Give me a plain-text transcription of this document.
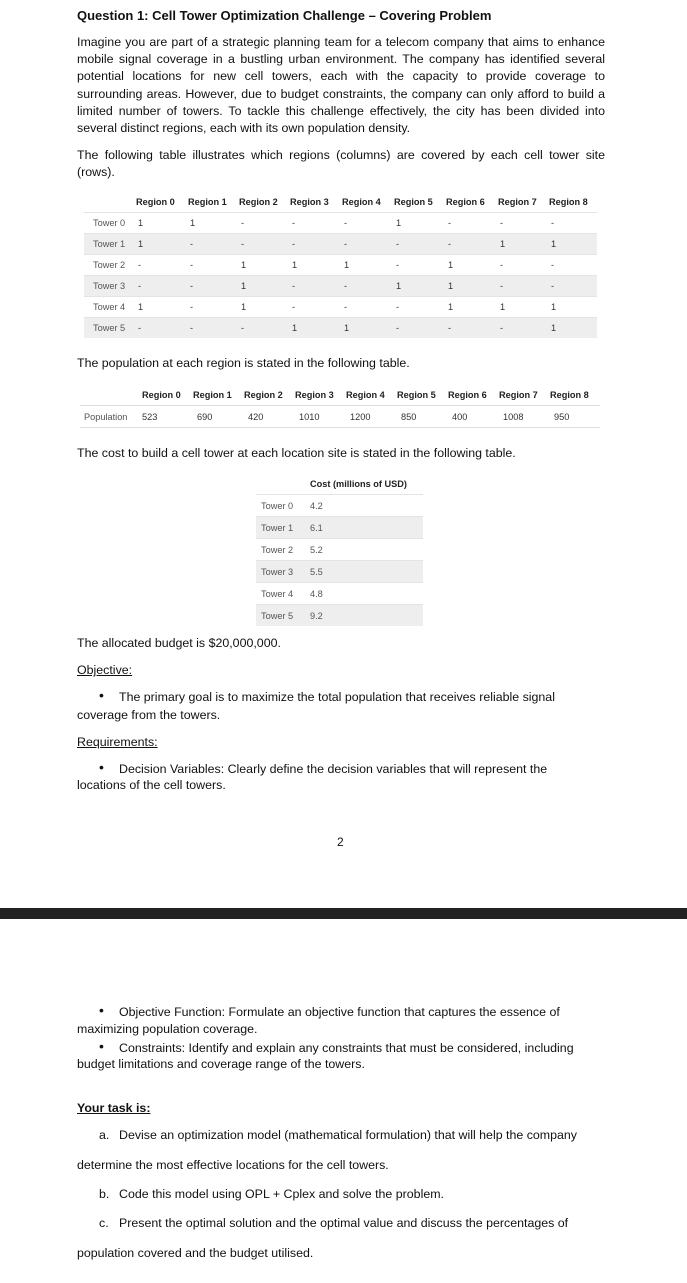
Question 1: Cell Tower Optimization Challenge – Covering Problem
Imagine you are part of a strategic planning team for a telecom company that aims to enhance mobile signal coverage in a bustling urban environment. The company has identified several potential locations for new cell towers, each with the capacity to provide coverage to surrounding areas. However, due to budget constraints, the company can only afford to build a limited number of towers. To tackle this challenge effectively, the city has been divided into several distinct regions, each with its own population density.
The following table illustrates which regions (columns) are covered by each cell tower site (rows).
	Region 0	Region 1	Region 2	Region 3	Region 4	Region 5	Region 6	Region 7	Region 8
Tower 0	1	1	-	-	-	1	-	-	-
Tower 1	1	-	-	-	-	-	-	1	1
Tower 2	-	-	1	1	1	-	1	-	-
Tower 3	-	-	1	-	-	1	1	-	-
Tower 4	1	-	1	-	-	-	1	1	1
Tower 5	-	-	-	1	1	-	-	-	1
The population at each region is stated in the following table.
	Region 0	Region 1	Region 2	Region 3	Region 4	Region 5	Region 6	Region 7	Region 8
Population	523	690	420	1010	1200	850	400	1008	950
The cost to build a cell tower at each location site is stated in the following table.
	Cost (millions of USD)
Tower 0	4.2
Tower 1	6.1
Tower 2	5.2
Tower 3	5.5
Tower 4	4.8
Tower 5	9.2
The allocated budget is $20,000,000.
Objective:
• The primary goal is to maximize the total population that receives reliable signal
coverage from the towers.
Requirements:
• Decision Variables: Clearly define the decision variables that will represent the
locations of the cell towers.
2
• Objective Function: Formulate an objective function that captures the essence of
maximizing population coverage.
• Constraints: Identify and explain any constraints that must be considered, including
budget limitations and coverage range of the towers.
Your task is:
a. Devise an optimization model (mathematical formulation) that will help the company
determine the most effective locations for the cell towers.
b. Code this model using OPL + Cplex and solve the problem.
c. Present the optimal solution and the optimal value and discuss the percentages of
population covered and the budget utilised.
